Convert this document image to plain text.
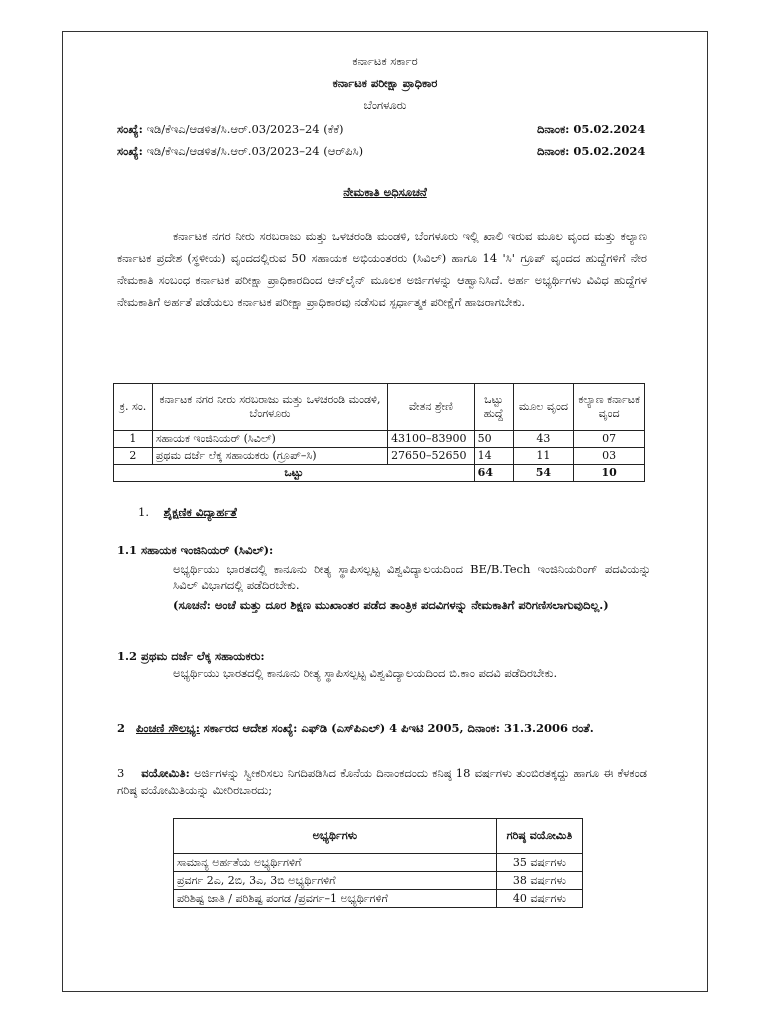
ಕರ್ನಾಟಕ ಸರ್ಕಾರ
ಕರ್ನಾಟಕ ಪರೀಕ್ಷಾ ಪ್ರಾಧಿಕಾರ
ಬೆಂಗಳೂರು
ಸಂಖ್ಯೆ: ಇಡಿ/ಕೆಇಎ/ಆಡಳಿತ/ಸಿ.ಆರ್.03/2023–24 (ಕೆಕೆ)	ದಿನಾಂಕ: 05.02.2024
ಸಂಖ್ಯೆ: ಇಡಿ/ಕೆಇಎ/ಆಡಳಿತ/ಸಿ.ಆರ್.03/2023–24 (ಆರ್‌ಪಿಸಿ)	ದಿನಾಂಕ: 05.02.2024
ನೇಮಕಾತಿ ಅಧಿಸೂಚನೆ
ಕರ್ನಾಟಕ ನಗರ ನೀರು ಸರಬರಾಜು ಮತ್ತು ಒಳಚರಂಡಿ ಮಂಡಳಿ, ಬೆಂಗಳೂರು ಇಲ್ಲಿ ಖಾಲಿ ಇರುವ ಮೂಲ ವೃಂದ ಮತ್ತು ಕಲ್ಯಾಣ ಕರ್ನಾಟಕ ಪ್ರದೇಶ (ಸ್ಥಳೀಯ) ವೃಂದದಲ್ಲಿರುವ 50 ಸಹಾಯಕ ಅಭಿಯಂತರರು (ಸಿವಿಲ್) ಹಾಗೂ 14 'ಸಿ' ಗ್ರೂಪ್ ವೃಂದದ ಹುದ್ದೆಗಳಿಗೆ ನೇರ ನೇಮಕಾತಿ ಸಂಬಂಧ ಕರ್ನಾಟಕ ಪರೀಕ್ಷಾ ಪ್ರಾಧಿಕಾರದಿಂದ ಆನ್‌ಲೈನ್ ಮೂಲಕ ಅರ್ಜಿಗಳನ್ನು ಆಹ್ವಾನಿಸಿದೆ. ಅರ್ಹ ಅಭ್ಯರ್ಥಿಗಳು ವಿವಿಧ ಹುದ್ದೆಗಳ ನೇಮಕಾತಿಗೆ ಅರ್ಹತೆ ಪಡೆಯಲು ಕರ್ನಾಟಕ ಪರೀಕ್ಷಾ ಪ್ರಾಧಿಕಾರವು ನಡೆಸುವ ಸ್ಪರ್ಧಾತ್ಮಕ ಪರೀಕ್ಷೆಗೆ ಹಾಜರಾಗಬೇಕು.
ಕ್ರ. ಸಂ.	ಕರ್ನಾಟಕ ನಗರ ನೀರು ಸರಬರಾಜು ಮತ್ತು ಒಳಚರಂಡಿ ಮಂಡಳಿ, ಬೆಂಗಳೂರು	ವೇತನ ಶ್ರೇಣಿ	ಒಟ್ಟು ಹುದ್ದೆ	ಮೂಲ ವೃಂದ	ಕಲ್ಯಾಣ ಕರ್ನಾಟಕ ವೃಂದ
1	ಸಹಾಯಕ ಇಂಜಿನಿಯರ್ (ಸಿವಿಲ್)	43100–83900	50	43	07
2	ಪ್ರಥಮ ದರ್ಜೆ ಲೆಕ್ಕ ಸಹಾಯಕರು (ಗ್ರೂಪ್–ಸಿ)	27650–52650	14	11	03
ಒಟ್ಟು			64	54	10
1. ಶೈಕ್ಷಣಿಕ ವಿದ್ಯಾರ್ಹತೆ
1.1 ಸಹಾಯಕ ಇಂಜಿನಿಯರ್ (ಸಿವಿಲ್):
ಅಭ್ಯರ್ಥಿಯು ಭಾರತದಲ್ಲಿ ಕಾನೂನು ರೀತ್ಯ ಸ್ಥಾಪಿಸಲ್ಪಟ್ಟ ವಿಶ್ವವಿದ್ಯಾಲಯದಿಂದ BE/B.Tech ಇಂಜಿನಿಯರಿಂಗ್ ಪದವಿಯನ್ನು ಸಿವಿಲ್ ವಿಭಾಗದಲ್ಲಿ ಪಡೆದಿರಬೇಕು.
(ಸೂಚನೆ: ಅಂಚೆ ಮತ್ತು ದೂರ ಶಿಕ್ಷಣ ಮುಖಾಂತರ ಪಡೆದ ತಾಂತ್ರಿಕ ಪದವಿಗಳನ್ನು ನೇಮಕಾತಿಗೆ ಪರಿಗಣಿಸಲಾಗುವುದಿಲ್ಲ.)
1.2 ಪ್ರಥಮ ದರ್ಜೆ ಲೆಕ್ಕ ಸಹಾಯಕರು:
ಅಭ್ಯರ್ಥಿಯು ಭಾರತದಲ್ಲಿ ಕಾನೂನು ರೀತ್ಯ ಸ್ಥಾಪಿಸಲ್ಪಟ್ಟ ವಿಶ್ವವಿದ್ಯಾಲಯದಿಂದ ಬಿ.ಕಾಂ ಪದವಿ ಪಡೆದಿರಬೇಕು.
2 ಪಿಂಚಣಿ ಸೌಲಭ್ಯ: ಸರ್ಕಾರದ ಆದೇಶ ಸಂಖ್ಯೆ: ಎಫ್‌ಡಿ (ಎಸ್‌ಪಿಎಲ್) 4 ಪಿಇಟಿ 2005, ದಿನಾಂಕ: 31.3.2006 ರಂತೆ.
3 ವಯೋಮಿತಿ: ಅರ್ಜಿಗಳನ್ನು ಸ್ವೀಕರಿಸಲು ನಿಗದಿಪಡಿಸಿದ ಕೊನೆಯ ದಿನಾಂಕದಂದು ಕನಿಷ್ಠ 18 ವರ್ಷಗಳು ತುಂಬಿರತಕ್ಕದ್ದು ಹಾಗೂ ಈ ಕೆಳಕಂಡ ಗರಿಷ್ಠ ವಯೋಮಿತಿಯನ್ನು ಮೀರಿರಬಾರದು;
ಅಭ್ಯರ್ಥಿಗಳು	ಗರಿಷ್ಠ ವಯೋಮಿತಿ
ಸಾಮಾನ್ಯ ಅರ್ಹತೆಯ ಅಭ್ಯರ್ಥಿಗಳಿಗೆ	35 ವರ್ಷಗಳು
ಪ್ರವರ್ಗ 2ಎ, 2ಬಿ, 3ಎ, 3ಬಿ ಅಭ್ಯರ್ಥಿಗಳಿಗೆ	38 ವರ್ಷಗಳು
ಪರಿಶಿಷ್ಟ ಜಾತಿ / ಪರಿಶಿಷ್ಟ ಪಂಗಡ /ಪ್ರವರ್ಗ–1 ಅಭ್ಯರ್ಥಿಗಳಿಗೆ	40 ವರ್ಷಗಳು
